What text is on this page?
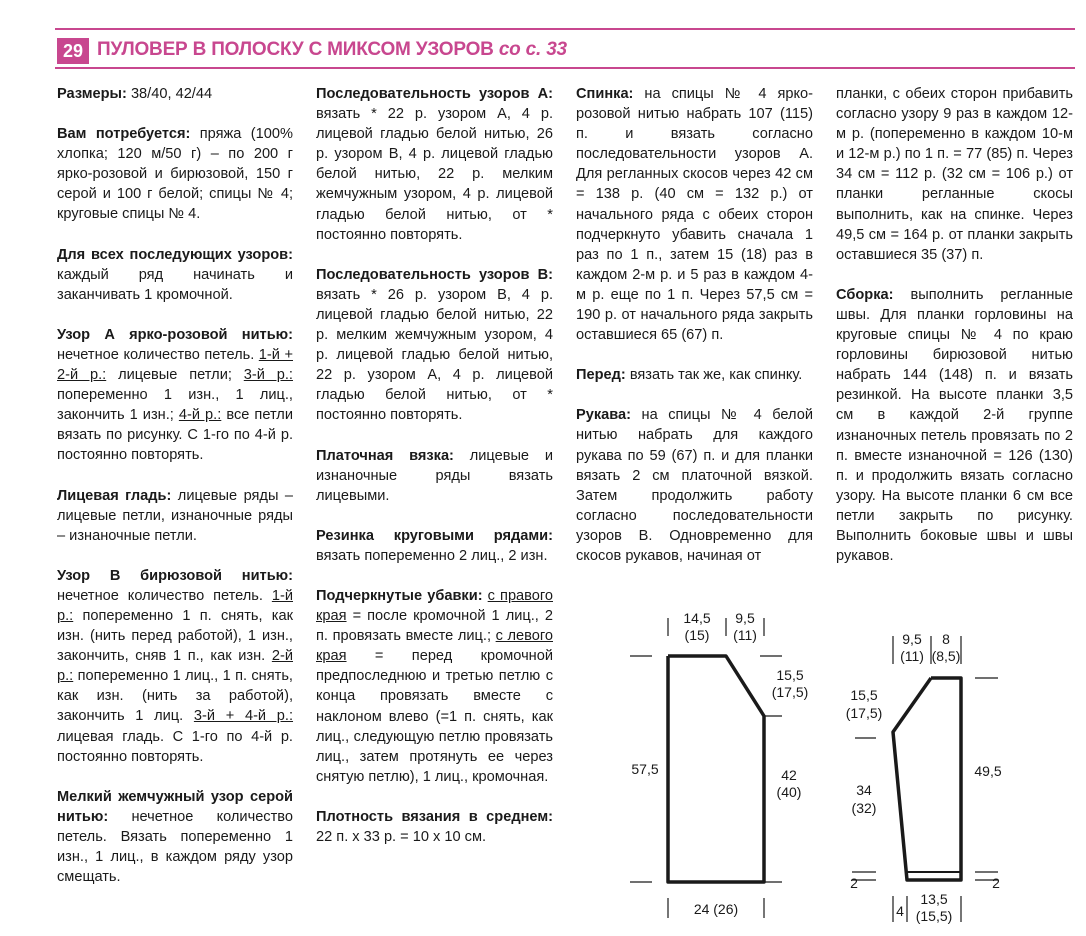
29 ПУЛОВЕР В ПОЛОСКУ С МИКСОМ УЗОРОВ со с. 33

Размеры: 38/40, 42/44

Вам потребуется: пряжа (100% хлопка; 120 м/50 г) – по 200 г ярко-розовой и бирюзовой, 150 г серой и 100 г белой; спицы № 4; круговые спицы № 4.

Для всех последующих узоров: каждый ряд начинать и заканчивать 1 кромочной.

Узор А ярко-розовой нитью: нечетное количество петель. 1-й + 2-й р.: лицевые петли; 3-й р.: попеременно 1 изн., 1 лиц., закончить 1 изн.; 4-й р.: все петли вязать по рисунку. С 1-го по 4-й р. постоянно повторять.

Лицевая гладь: лицевые ряды – лицевые петли, изнаночные ряды – изнаночные петли.

Узор В бирюзовой нитью: нечетное количество петель. 1-й р.: попеременно 1 п. снять, как изн. (нить перед работой), 1 изн., закончить, сняв 1 п., как изн. 2-й р.: попеременно 1 лиц., 1 п. снять, как изн. (нить за работой), закончить 1 лиц. 3-й + 4-й р.: лицевая гладь. С 1-го по 4-й р. постоянно повторять.

Мелкий жемчужный узор серой нитью: нечетное количество петель. Вязать попеременно 1 изн., 1 лиц., в каждом ряду узор смещать.

Последовательность узоров А: вязать * 22 р. узором А, 4 р. лицевой гладью белой нитью, 26 р. узором В, 4 р. лицевой гладью белой нитью, 22 р. мелким жемчужным узором, 4 р. лицевой гладью белой нитью, от * постоянно повторять.

Последовательность узоров В: вязать * 26 р. узором В, 4 р. лицевой гладью белой нитью, 22 р. мелким жемчужным узором, 4 р. лицевой гладью белой нитью, 22 р. узором А, 4 р. лицевой гладью белой нитью, от * постоянно повторять.

Платочная вязка: лицевые и изнаночные ряды вязать лицевыми.

Резинка круговыми рядами: вязать попеременно 2 лиц., 2 изн.

Подчеркнутые убавки: с правого края = после кромочной 1 лиц., 2 п. провязать вместе лиц.; с левого края = перед кромочной предпоследнюю и третью петлю с конца провязать вместе с наклоном влево (=1 п. снять, как лиц., следующую петлю провязать лиц., затем протянуть ее через снятую петлю), 1 лиц., кромочная.

Плотность вязания в среднем: 22 п. х 33 р. = 10 х 10 см.

Спинка: на спицы № 4 ярко-розовой нитью набрать 107 (115) п. и вязать согласно последовательности узоров А. Для регланных скосов через 42 см = 138 р. (40 см = 132 р.) от начального ряда с обеих сторон подчеркнуто убавить сначала 1 раз по 1 п., затем 15 (18) раз в каждом 2-м р. и 5 раз в каждом 4-м р. еще по 1 п. Через 57,5 см = 190 р. от начального ряда закрыть оставшиеся 65 (67) п.

Перед: вязать так же, как спинку.

Рукава: на спицы № 4 белой нитью набрать для каждого рукава по 59 (67) п. и для планки вязать 2 см платочной вязкой. Затем продолжить работу согласно последовательности узоров В. Одновременно для скосов рукавов, начиная от

планки, с обеих сторон прибавить согласно узору 9 раз в каждом 12-м р. (попеременно в каждом 10-м и 12-м р.) по 1 п. = 77 (85) п. Через 34 см = 112 р. (32 см = 106 р.) от планки регланные скосы выполнить, как на спинке. Через 49,5 см = 164 р. от планки закрыть оставшиеся 35 (37) п.

Сборка: выполнить регланные швы. Для планки горловины на круговые спицы № 4 по краю горловины бирюзовой нитью набрать 144 (148) п. и вязать резинкой. На высоте планки 3,5 см в каждой 2-й группе изнаночных петель провязать по 2 п. вместе изнаночной = 126 (130) п. и продолжить вязать согласно узору. На высоте планки 6 см все петли закрыть по рисунку. Выполнить боковые швы и швы рукавов.

14,5
(15)
9,5
(11)
15,5
(17,5)
57,5	42
(40)
24 (26)
9,5
(11)
8
(8,5)
15,5
(17,5)
49,5
34
(32)
2	2
4
13,5
(15,5)
